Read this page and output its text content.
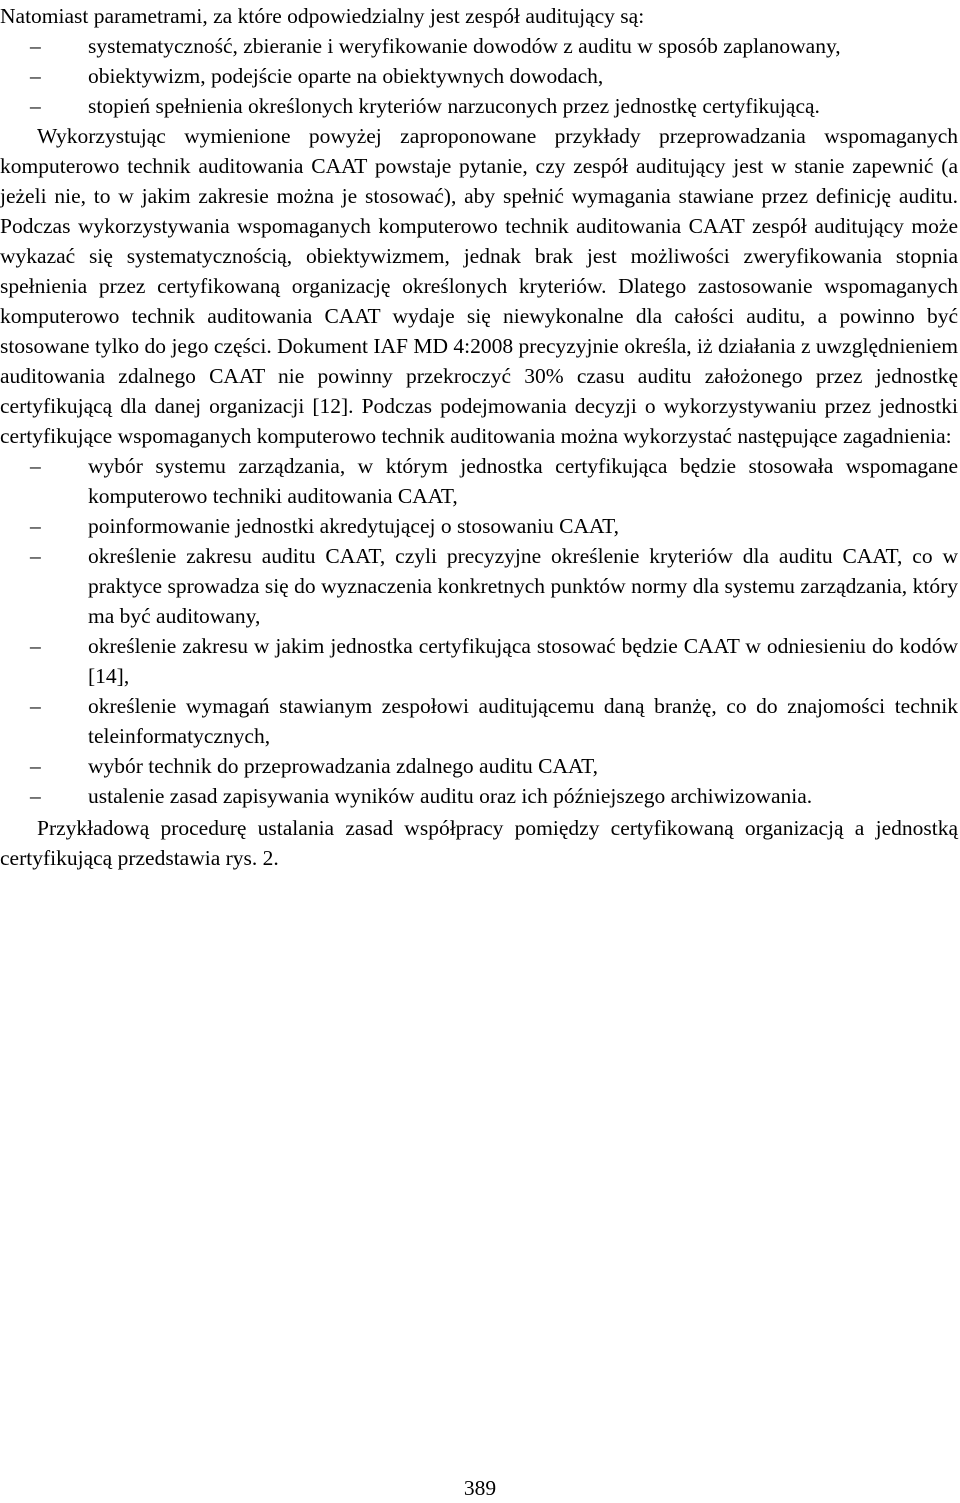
Natomiast parametrami, za które odpowiedzialny jest zespół auditujący są:

– systematyczność, zbieranie i weryfikowanie dowodów z auditu w sposób zaplanowany,
– obiektywizm, podejście oparte na obiektywnych dowodach,
– stopień spełnienia określonych kryteriów narzuconych przez jednostkę certyfikującą.

Wykorzystując wymienione powyżej zaproponowane przykłady przeprowadzania wspomaganych komputerowo technik auditowania CAAT powstaje pytanie, czy zespół auditujący jest w stanie zapewnić (a jeżeli nie, to w jakim zakresie można je stosować), aby spełnić wymagania stawiane przez definicję auditu. Podczas wykorzystywania wspomaganych komputerowo technik auditowania CAAT zespół auditujący może wykazać się systematycznością, obiektywizmem, jednak brak jest możliwości zweryfikowania stopnia spełnienia przez certyfikowaną organizację określonych kryteriów. Dlatego zastosowanie wspomaganych komputerowo technik auditowania CAAT wydaje się niewykonalne dla całości auditu, a powinno być stosowane tylko do jego części. Dokument IAF MD 4:2008 precyzyjnie określa, iż działania z uwzględnieniem auditowania zdalnego CAAT nie powinny przekroczyć 30% czasu auditu założonego przez jednostkę certyfikującą dla danej organizacji [12]. Podczas podejmowania decyzji o wykorzystywaniu przez jednostki certyfikujące wspomaganych komputerowo technik auditowania można wykorzystać następujące zagadnienia:

– wybór systemu zarządzania, w którym jednostka certyfikująca będzie stosowała wspomagane komputerowo techniki auditowania CAAT,
– poinformowanie jednostki akredytującej o stosowaniu CAAT,
– określenie zakresu auditu CAAT, czyli precyzyjne określenie kryteriów dla auditu CAAT, co w praktyce sprowadza się do wyznaczenia konkretnych punktów normy dla systemu zarządzania, który ma być auditowany,
– określenie zakresu w jakim jednostka certyfikująca stosować będzie CAAT w odniesieniu do kodów [14],
– określenie wymagań stawianym zespołowi auditującemu daną branżę, co do znajomości technik teleinformatycznych,
– wybór technik do przeprowadzania zdalnego auditu CAAT,
– ustalenie zasad zapisywania wyników auditu oraz ich późniejszego archiwizowania.

Przykładową procedurę ustalania zasad współpracy pomiędzy certyfikowaną organizacją a jednostką certyfikującą przedstawia rys. 2.

389
